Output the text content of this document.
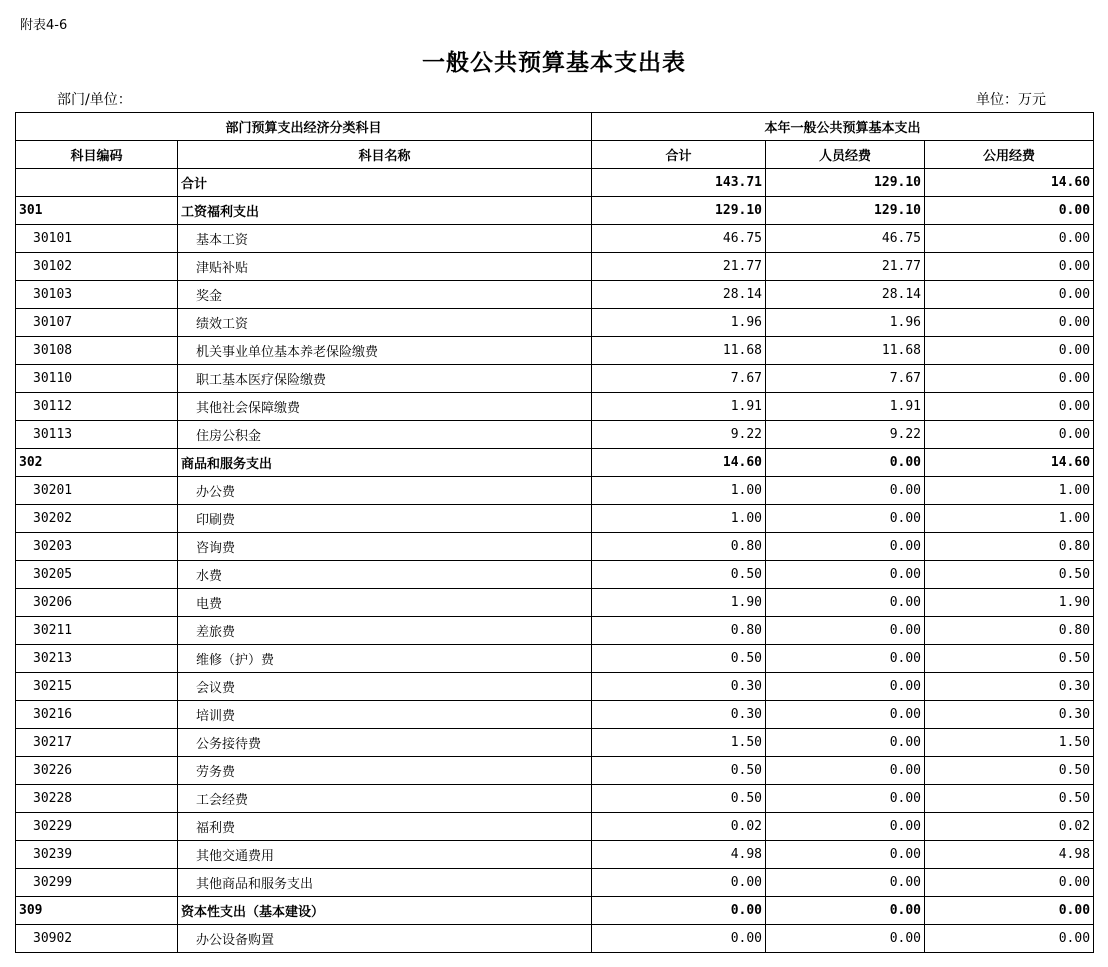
附表4-6
一般公共预算基本支出表
部门/单位：	单位：万元
部门预算支出经济分类科目		本年一般公共预算基本支出		
科目编码	科目名称	合计	人员经费	公用经费
	合计	143.71	129.10	14.60
301	工资福利支出	129.10	129.10	0.00
30101	基本工资	46.75	46.75	0.00
30102	津贴补贴	21.77	21.77	0.00
30103	奖金	28.14	28.14	0.00
30107	绩效工资	1.96	1.96	0.00
30108	机关事业单位基本养老保险缴费	11.68	11.68	0.00
30110	职工基本医疗保险缴费	7.67	7.67	0.00
30112	其他社会保障缴费	1.91	1.91	0.00
30113	住房公积金	9.22	9.22	0.00
302	商品和服务支出	14.60	0.00	14.60
30201	办公费	1.00	0.00	1.00
30202	印刷费	1.00	0.00	1.00
30203	咨询费	0.80	0.00	0.80
30205	水费	0.50	0.00	0.50
30206	电费	1.90	0.00	1.90
30211	差旅费	0.80	0.00	0.80
30213	维修（护）费	0.50	0.00	0.50
30215	会议费	0.30	0.00	0.30
30216	培训费	0.30	0.00	0.30
30217	公务接待费	1.50	0.00	1.50
30226	劳务费	0.50	0.00	0.50
30228	工会经费	0.50	0.00	0.50
30229	福利费	0.02	0.00	0.02
30239	其他交通费用	4.98	0.00	4.98
30299	其他商品和服务支出	0.00	0.00	0.00
309	资本性支出（基本建设）	0.00	0.00	0.00
30902	办公设备购置	0.00	0.00	0.00
